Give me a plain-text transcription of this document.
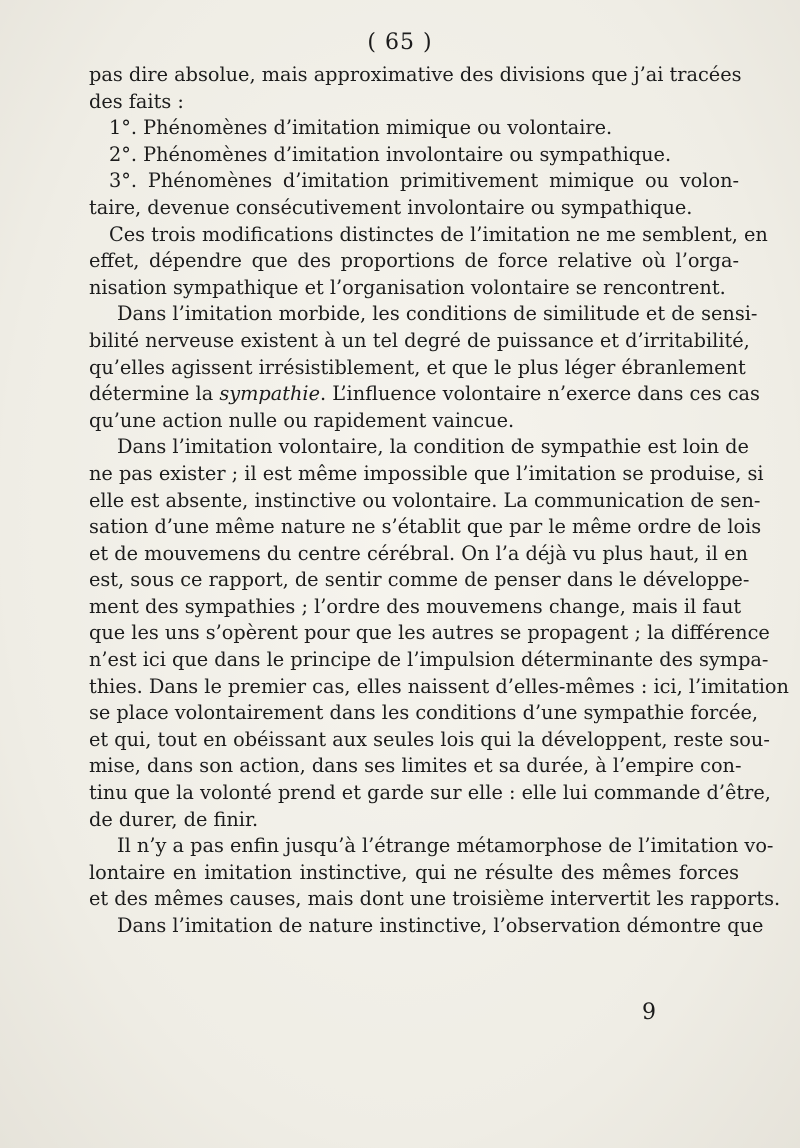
( 65 )
pas dire absolue, mais approximative des divisions que j’ai tracées
des faits :
1°. Phénomènes d’imitation mimique ou volontaire.
2°. Phénomènes d’imitation involontaire ou sympathique.
3°. Phénomènes d’imitation primitivement mimique ou volon-
taire, devenue consécutivement involontaire ou sympathique.
Ces trois modifications distinctes de l’imitation ne me semblent, en
effet, dépendre que des proportions de force relative où l’orga-
nisation sympathique et l’organisation volontaire se rencontrent.
Dans l’imitation morbide, les conditions de similitude et de sensi-
bilité nerveuse existent à un tel degré de puissance et d’irritabilité,
qu’elles agissent irrésistiblement, et que le plus léger ébranlement
détermine la sympathie. L’influence volontaire n’exerce dans ces cas
qu’une action nulle ou rapidement vaincue.
Dans l’imitation volontaire, la condition de sympathie est loin de
ne pas exister ; il est même impossible que l’imitation se produise, si
elle est absente, instinctive ou volontaire. La communication de sen-
sation d’une même nature ne s’établit que par le même ordre de lois
et de mouvemens du centre cérébral. On l’a déjà vu plus haut, il en
est, sous ce rapport, de sentir comme de penser dans le développe-
ment des sympathies ; l’ordre des mouvemens change, mais il faut
que les uns s’opèrent pour que les autres se propagent ; la différence
n’est ici que dans le principe de l’impulsion déterminante des sympa-
thies. Dans le premier cas, elles naissent d’elles-mêmes : ici, l’imitation
se place volontairement dans les conditions d’une sympathie forcée,
et qui, tout en obéissant aux seules lois qui la développent, reste sou-
mise, dans son action, dans ses limites et sa durée, à l’empire con-
tinu que la volonté prend et garde sur elle : elle lui commande d’être,
de durer, de finir.
Il n’y a pas enfin jusqu’à l’étrange métamorphose de l’imitation vo-
lontaire en imitation instinctive, qui ne résulte des mêmes forces
et des mêmes causes, mais dont une troisième intervertit les rapports.
Dans l’imitation de nature instinctive, l’observation démontre que
9
